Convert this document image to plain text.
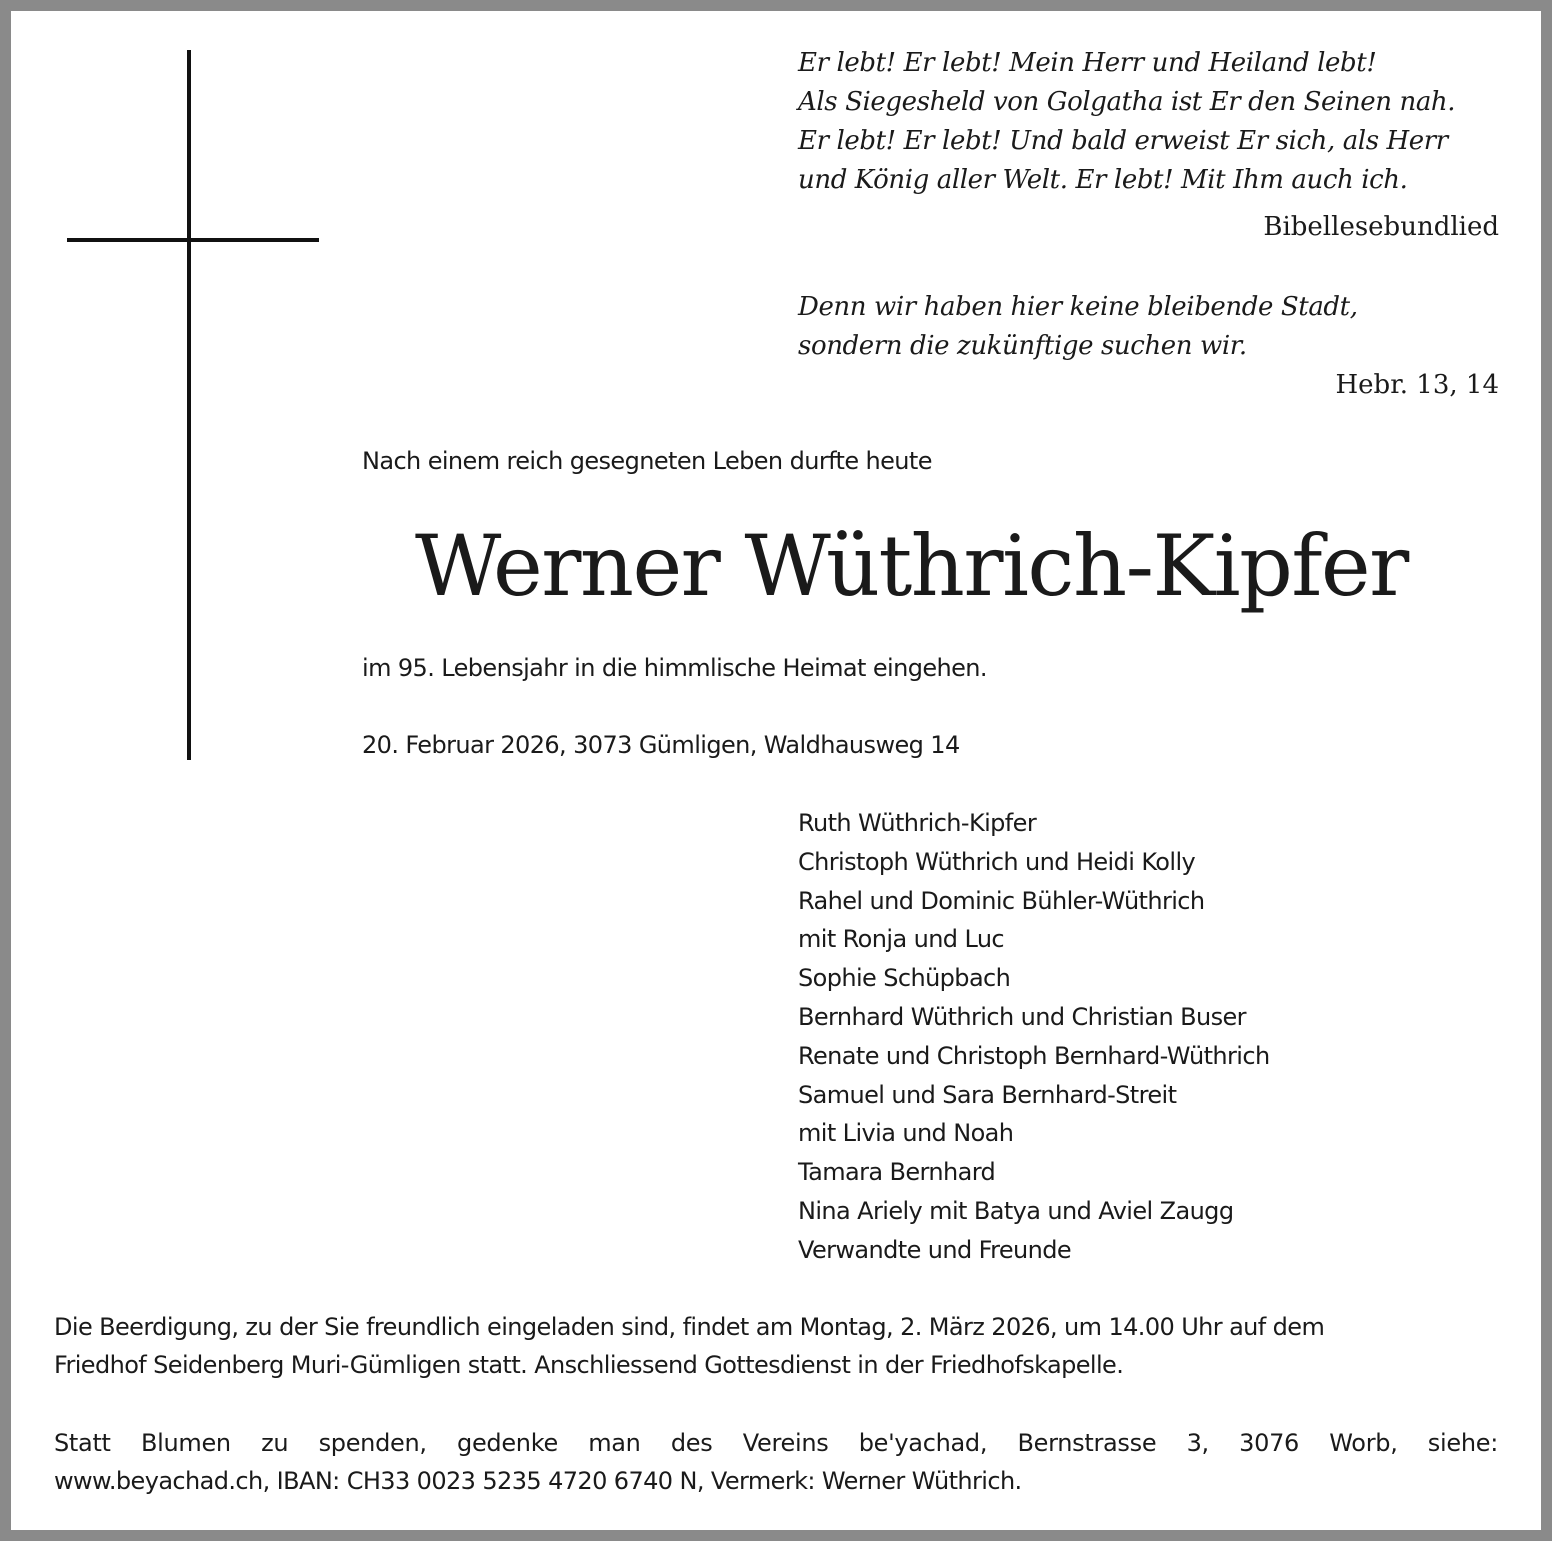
Er lebt! Er lebt! Mein Herr und Heiland lebt!
Als Siegesheld von Golgatha ist Er den Seinen nah.
Er lebt! Er lebt! Und bald erweist Er sich, als Herr
und König aller Welt. Er lebt! Mit Ihm auch ich.
Bibellesebundlied
Denn wir haben hier keine bleibende Stadt,
sondern die zukünftige suchen wir.
Hebr. 13, 14
Nach einem reich gesegneten Leben durfte heute
Werner Wüthrich-Kipfer
im 95. Lebensjahr in die himmlische Heimat eingehen.
20. Februar 2026, 3073 Gümligen, Waldhausweg 14
Ruth Wüthrich-Kipfer
Christoph Wüthrich und Heidi Kolly
Rahel und Dominic Bühler-Wüthrich
mit Ronja und Luc
Sophie Schüpbach
Bernhard Wüthrich und Christian Buser
Renate und Christoph Bernhard-Wüthrich
Samuel und Sara Bernhard-Streit
mit Livia und Noah
Tamara Bernhard
Nina Ariely mit Batya und Aviel Zaugg
Verwandte und Freunde
Die Beerdigung, zu der Sie freundlich eingeladen sind, findet am Montag, 2. März 2026, um 14.00 Uhr auf dem
Friedhof Seidenberg Muri-Gümligen statt. Anschliessend Gottesdienst in der Friedhofskapelle.
Statt Blumen zu spenden, gedenke man des Vereins be'yachad, Bernstrasse 3, 3076 Worb, siehe:
www.beyachad.ch, IBAN: CH33 0023 5235 4720 6740 N, Vermerk: Werner Wüthrich.
